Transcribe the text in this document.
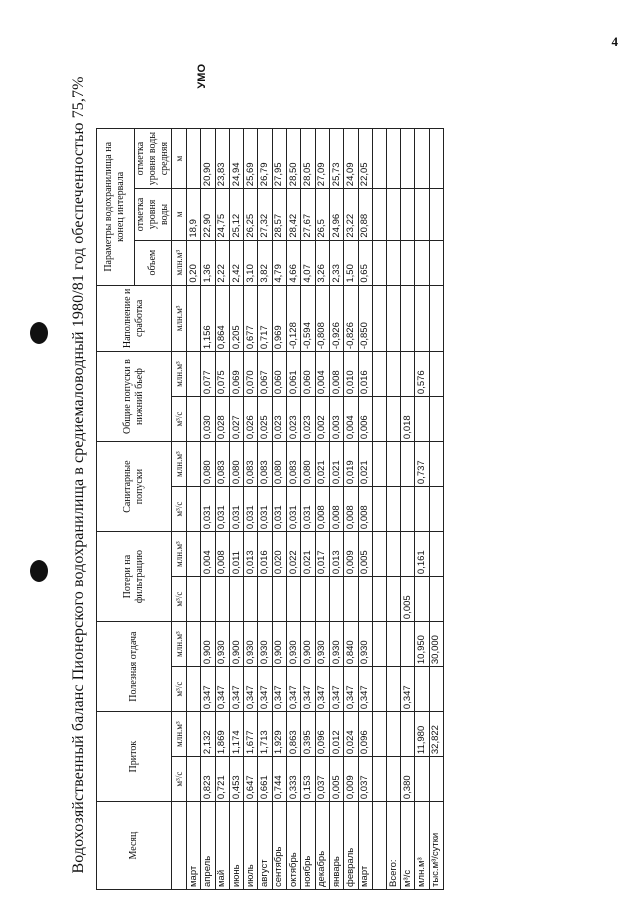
4
Водохозяйственный баланс Пионерского водохранилища в средиемаловодный 1980/81 год обеспеченностью 75,7%
УМО
Месяц	Приток		Полезная отдача		Потери на фильтрацию		Санитарные попуски		Общие попуски в нижний бьеф		Наполнение и сработка	Параметры водохранилища на конец интервала		
												объем	отметка уровня воды	отметка уровня воды средняя
	м³/с	млн.м³	м³/с	млн.м³	м³/с	млн.м³	м³/с	млн.м³	м³/с	млн.м³	млн.м³	млн.м³	м	м
март												0,20	18,9	
апрель	0,823	2,132	0,347	0,900		0,004	0,031	0,080	0,030	0,077	1,156	1,36	22,90	20,90
май	0,721	1,869	0,347	0,930		0,008	0,031	0,083	0,028	0,075	0,864	2,22	24,75	23,83
июнь	0,453	1,174	0,347	0,900		0,011	0,031	0,080	0,027	0,069	0,205	2,42	25,12	24,94
июль	0,647	1,677	0,347	0,930		0,013	0,031	0,083	0,026	0,070	0,677	3,10	26,25	25,69
август	0,661	1,713	0,347	0,930		0,016	0,031	0,083	0,025	0,067	0,717	3,82	27,32	26,79
сентябрь	0,744	1,929	0,347	0,900		0,020	0,031	0,080	0,023	0,060	0,969	4,79	28,57	27,95
октябрь	0,333	0,863	0,347	0,930		0,022	0,031	0,083	0,023	0,061	-0,128	4,66	28,42	28,50
ноябрь	0,153	0,395	0,347	0,900		0,021	0,031	0,080	0,023	0,060	-0,594	4,07	27,67	28,05
декабрь	0,037	0,096	0,347	0,930		0,017	0,008	0,021	0,002	0,004	-0,808	3,26	26,5	27,09
январь	0,005	0,012	0,347	0,930		0,013	0,008	0,021	0,003	0,008	-0,926	2,33	24,96	25,73
февраль	0,009	0,024	0,347	0,840		0,009	0,008	0,019	0,004	0,010	-0,826	1,50	23,22	24,09
март	0,037	0,096	0,347	0,930		0,005	0,008	0,021	0,006	0,016	-0,850	0,65	20,88	22,05

Всего:														
м³/с	0,380		0,347		0,005				0,018					
млн.м³		11,980		10,950		0,161		0,737		0,576				
тыс.м³/сутки		32,822		30,000										
